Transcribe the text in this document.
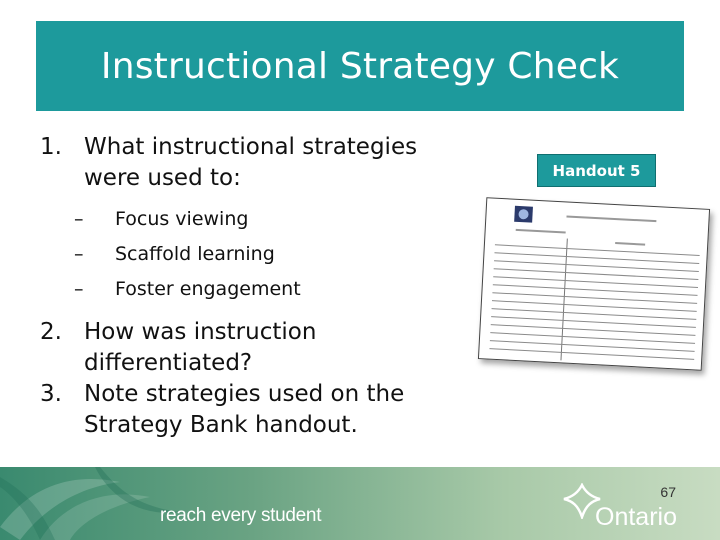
Instructional Strategy Check
1. What instructional strategies
were used to:
– Focus viewing
– Scaffold learning
– Foster engagement
2. How was instruction
differentiated?
3. Note strategies used on the
Strategy Bank handout.
Handout 5
reach every student
67
Ontario
